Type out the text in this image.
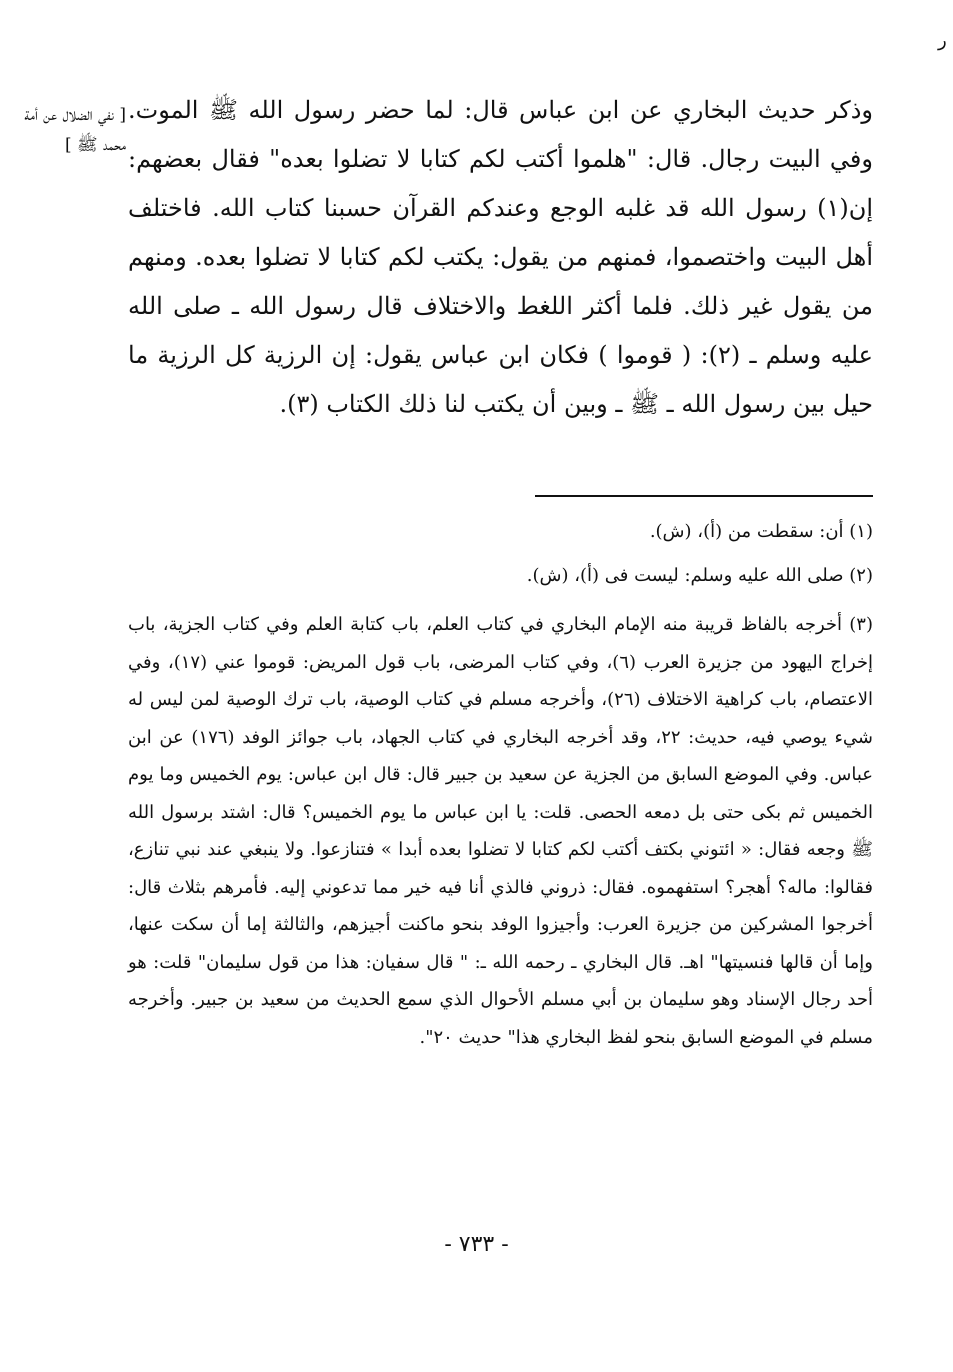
ر
[ نفي الضلال عن أمة محمد ﷺ ]

وذكر حديث البخاري عن ابن عباس قال: لما حضر رسول الله ﷺ الموت. وفي البيت رجال. قال: "هلموا أكتب لكم كتابا لا تضلوا بعده" فقال بعضهم: إن(١) رسول الله قد غلبه الوجع وعندكم القرآن حسبنا كتاب الله. فاختلف أهل البيت واختصموا، فمنهم من يقول: يكتب لكم كتابا لا تضلوا بعده. ومنهم من يقول غير ذلك. فلما أكثر اللغط والاختلاف قال رسول الله ـ صلى الله عليه وسلم ـ (٢): ( قوموا ) فكان ابن عباس يقول: إن الرزية كل الرزية ما حيل بين رسول الله ـ ﷺ ـ وبين أن يكتب لنا ذلك الكتاب (٣).

(١) أن: سقطت من (أ)، (ش).
(٢) صلى الله عليه وسلم: ليست فى (أ)، (ش).
(٣) أخرجه بالفاظ قريبة منه الإمام البخاري في كتاب العلم، باب كتابة العلم وفي كتاب الجزية، باب إخراج اليهود من جزيرة العرب (٦)، وفي كتاب المرضى، باب قول المريض: قوموا عني (١٧)، وفي الاعتصام، باب كراهية الاختلاف (٢٦)، وأخرجه مسلم في كتاب الوصية، باب ترك الوصية لمن ليس له شيء يوصي فيه، حديث: ٢٢، وقد أخرجه البخاري في كتاب الجهاد، باب جوائز الوفد (١٧٦) عن ابن عباس. وفي الموضع السابق من الجزية عن سعيد بن جبير قال: قال ابن عباس: يوم الخميس وما يوم الخميس ثم بكى حتى بل دمعه الحصى. قلت: يا ابن عباس ما يوم الخميس؟ قال: اشتد برسول الله ﷺ وجعه فقال: « ائتوني بكتف أكتب لكم كتابا لا تضلوا بعده أبدا » فتنازعوا. ولا ينبغي عند نبي تنازع، فقالوا: ماله؟ أهجر؟ استفهموه. فقال: ذروني فالذي أنا فيه خير مما تدعوني إليه. فأمرهم بثلاث قال: أخرجوا المشركين من جزيرة العرب: وأجيزوا الوفد بنحو ماكنت أجيزهم، والثالثة إما أن سكت عنها، وإما أن قالها فنسيتها" اهـ. قال البخاري ـ رحمه الله ـ: " قال سفيان: هذا من قول سليمان" قلت: هو أحد رجال الإسناد وهو سليمان بن أبي مسلم الأحوال الذي سمع الحديث من سعيد بن جبير. وأخرجه مسلم في الموضع السابق بنحو لفظ البخاري هذا" حديث ٢٠".
- ٧٣٣ -
